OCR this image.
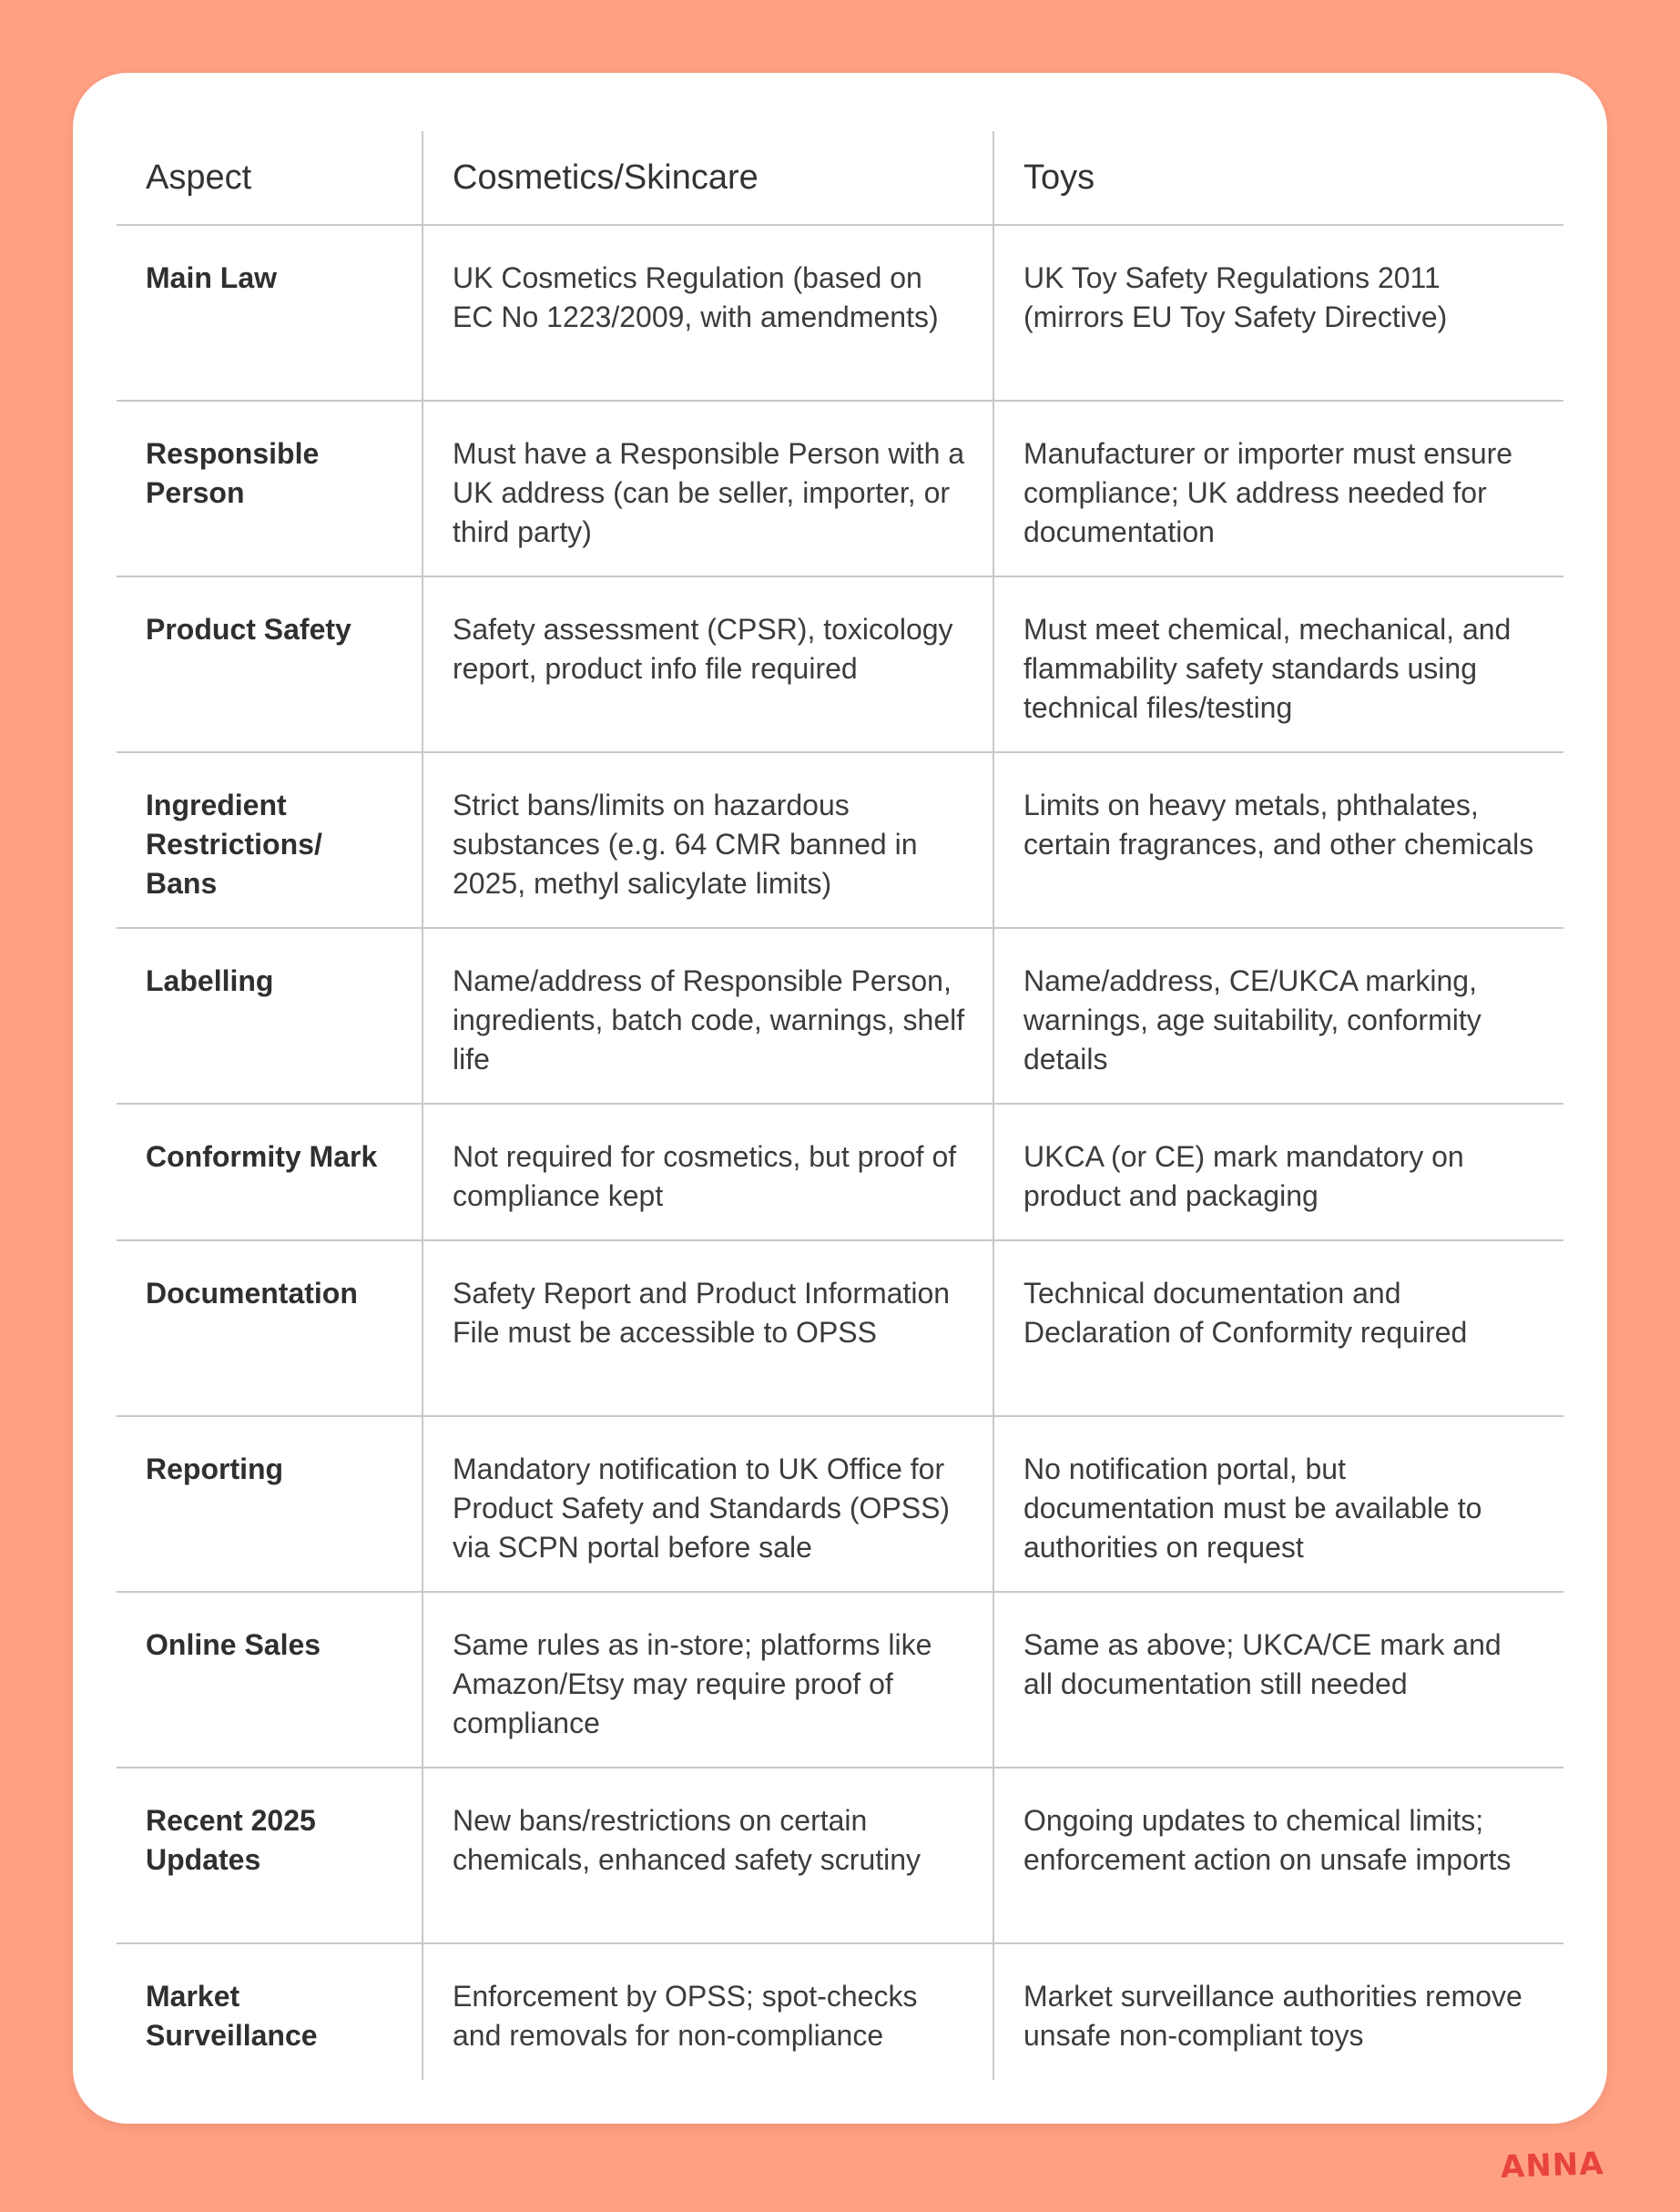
Aspect	Cosmetics/Skincare	Toys
Main Law	UK Cosmetics Regulation (based on EC No 1223/2009, with amendments)	UK Toy Safety Regulations 2011 (mirrors EU Toy Safety Directive)
Responsible Person	Must have a Responsible Person with a UK address (can be seller, importer, or third party)	Manufacturer or importer must ensure compliance; UK address needed for documentation
Product Safety	Safety assessment (CPSR), toxicology report, product info file required	Must meet chemical, mechanical, and flammability safety standards using technical files/testing
Ingredient Restrictions/ Bans	Strict bans/limits on hazardous substances (e.g. 64 CMR banned in 2025, methyl salicylate limits)	Limits on heavy metals, phthalates, certain fragrances, and other chemicals
Labelling	Name/address of Responsible Person, ingredients, batch code, warnings, shelf life	Name/address, CE/UKCA marking, warnings, age suitability, conformity details
Conformity Mark	Not required for cosmetics, but proof of compliance kept	UKCA (or CE) mark mandatory on product and packaging
Documentation	Safety Report and Product Information File must be accessible to OPSS	Technical documentation and Declaration of Conformity required
Reporting	Mandatory notification to UK Office for Product Safety and Standards (OPSS) via SCPN portal before sale	No notification portal, but documentation must be available to authorities on request
Online Sales	Same rules as in-store; platforms like Amazon/Etsy may require proof of compliance	Same as above; UKCA/CE mark and all documentation still needed
Recent 2025 Updates	New bans/restrictions on certain chemicals, enhanced safety scrutiny	Ongoing updates to chemical limits; enforcement action on unsafe imports
Market Surveillance	Enforcement by OPSS; spot-checks and removals for non-compliance	Market surveillance authorities remove unsafe non-compliant toys
ANNA
